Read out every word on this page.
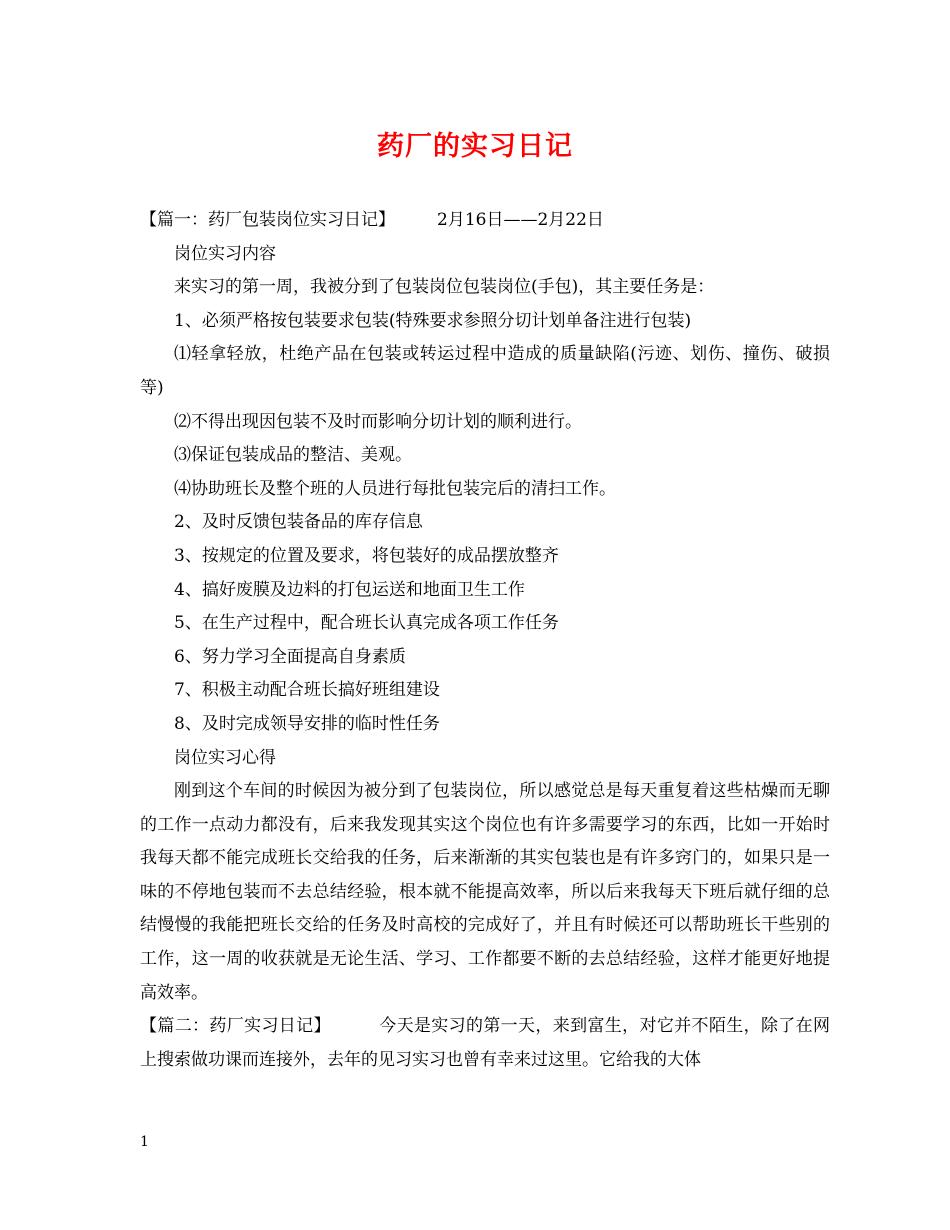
药厂的实习日记

【篇一：药厂包装岗位实习日记】 2月16日——2月22日

岗位实习内容

来实习的第一周，我被分到了包装岗位包装岗位(手包)，其主要任务是：

1、必须严格按包装要求包装(特殊要求参照分切计划单备注进行包装)

⑴轻拿轻放，杜绝产品在包装或转运过程中造成的质量缺陷(污迹、划伤、撞伤、破损等)

⑵不得出现因包装不及时而影响分切计划的顺利进行。

⑶保证包装成品的整洁、美观。

⑷协助班长及整个班的人员进行每批包装完后的清扫工作。

2、及时反馈包装备品的库存信息

3、按规定的位置及要求，将包装好的成品摆放整齐

4、搞好废膜及边料的打包运送和地面卫生工作

5、在生产过程中，配合班长认真完成各项工作任务

6、努力学习全面提高自身素质

7、积极主动配合班长搞好班组建设

8、及时完成领导安排的临时性任务

岗位实习心得

刚到这个车间的时候因为被分到了包装岗位，所以感觉总是每天重复着这些枯燥而无聊的工作一点动力都没有，后来我发现其实这个岗位也有许多需要学习的东西，比如一开始时我每天都不能完成班长交给我的任务，后来渐渐的其实包装也是有许多窍门的，如果只是一味的不停地包装而不去总结经验，根本就不能提高效率，所以后来我每天下班后就仔细的总结慢慢的我能把班长交给的任务及时高校的完成好了，并且有时候还可以帮助班长干些别的工作，这一周的收获就是无论生活、学习、工作都要不断的去总结经验，这样才能更好地提高效率。

【篇二：药厂实习日记】	今天是实习的第一天，来到富生，对它并不陌生，除了在网上搜索做功课而连接外，去年的见习实习也曾有幸来过这里。它给我的大体

1
